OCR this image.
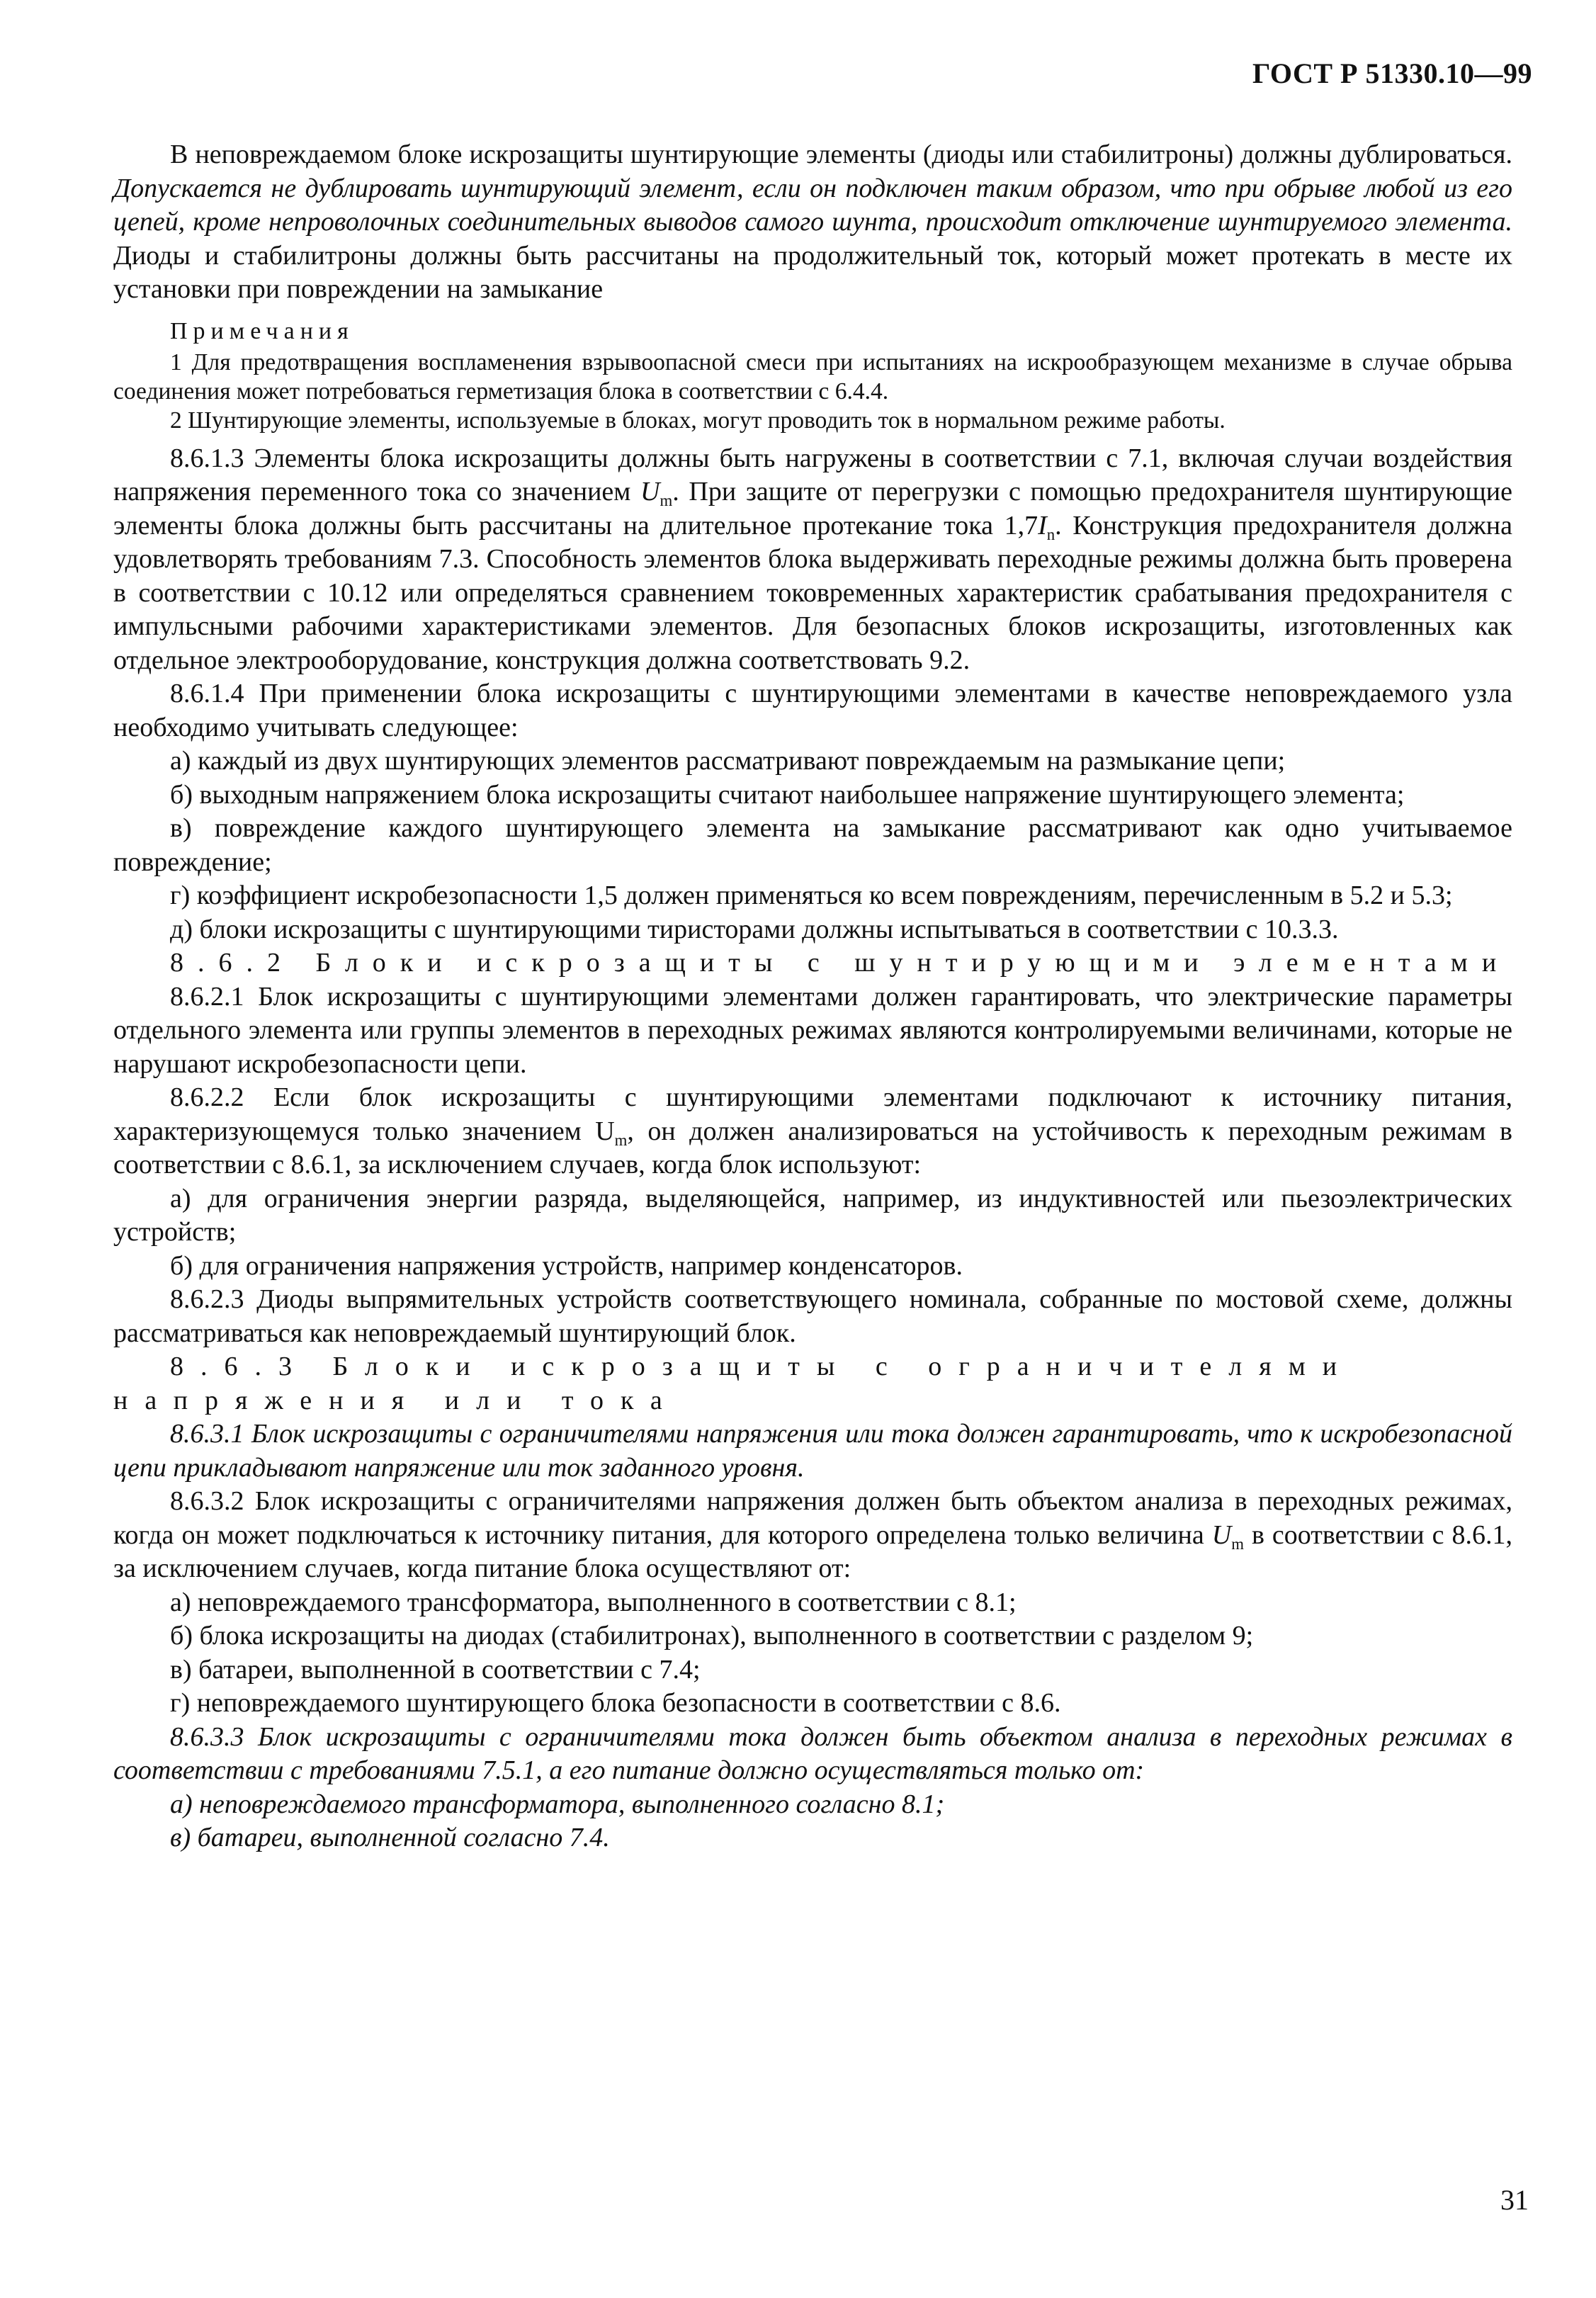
ГОСТ Р 51330.10—99

В неповреждаемом блоке искрозащиты шунтирующие элементы (диоды или стабилитроны) должны дублироваться. Допускается не дублировать шунтирующий элемент, если он подключен таким образом, что при обрыве любой из его цепей, кроме непроволочных соединительных выводов самого шунта, происходит отключение шунтируемого элемента. Диоды и стабилитроны должны быть рассчитаны на продолжительный ток, который может протекать в месте их установки при повреждении на замыкание

Примечания

1 Для предотвращения воспламенения взрывоопасной смеси при испытаниях на искрообразующем механизме в случае обрыва соединения может потребоваться герметизация блока в соответствии с 6.4.4.

2 Шунтирующие элементы, используемые в блоках, могут проводить ток в нормальном режиме работы.

8.6.1.3 Элементы блока искрозащиты должны быть нагружены в соответствии с 7.1, включая случаи воздействия напряжения переменного тока со значением $U_m$. При защите от перегрузки с помощью предохранителя шунтирующие элементы блока должны быть рассчитаны на длительное протекание тока $1,7I_n$. Конструкция предохранителя должна удовлетворять требованиям 7.3. Способность элементов блока выдерживать переходные режимы должна быть проверена в соответствии с 10.12 или определяться сравнением токовременных характеристик срабатывания предохранителя с импульсными рабочими характеристиками элементов. Для безопасных блоков искрозащиты, изготовленных как отдельное электрооборудование, конструкция должна соответствовать 9.2.

8.6.1.4 При применении блока искрозащиты с шунтирующими элементами в качестве неповреждаемого узла необходимо учитывать следующее:

а) каждый из двух шунтирующих элементов рассматривают повреждаемым на размыкание цепи;

б) выходным напряжением блока искрозащиты считают наибольшее напряжение шунтирующего элемента;

в) повреждение каждого шунтирующего элемента на замыкание рассматривают как одно учитываемое повреждение;

г) коэффициент искробезопасности 1,5 должен применяться ко всем повреждениям, перечисленным в 5.2 и 5.3;

д) блоки искрозащиты с шунтирующими тиристорами должны испытываться в соответствии с 10.3.3.

8.6.2 Блоки искрозащиты с шунтирующими элементами

8.6.2.1 Блок искрозащиты с шунтирующими элементами должен гарантировать, что электрические параметры отдельного элемента или группы элементов в переходных режимах являются контролируемыми величинами, которые не нарушают искробезопасности цепи.

8.6.2.2 Если блок искрозащиты с шунтирующими элементами подключают к источнику питания, характеризующемуся только значением $U_m$, он должен анализироваться на устойчивость к переходным режимам в соответствии с 8.6.1, за исключением случаев, когда блок используют:

а) для ограничения энергии разряда, выделяющейся, например, из индуктивностей или пьезоэлектрических устройств;

б) для ограничения напряжения устройств, например конденсаторов.

8.6.2.3 Диоды выпрямительных устройств соответствующего номинала, собранные по мостовой схеме, должны рассматриваться как неповреждаемый шунтирующий блок.

8.6.3 Блоки искрозащиты с ограничителями напряжения или тока

8.6.3.1 Блок искрозащиты с ограничителями напряжения или тока должен гарантировать, что к искробезопасной цепи прикладывают напряжение или ток заданного уровня.

8.6.3.2 Блок искрозащиты с ограничителями напряжения должен быть объектом анализа в переходных режимах, когда он может подключаться к источнику питания, для которого определена только величина $U_m$ в соответствии с 8.6.1, за исключением случаев, когда питание блока осуществляют от:

а) неповреждаемого трансформатора, выполненного в соответствии с 8.1;

б) блока искрозащиты на диодах (стабилитронах), выполненного в соответствии с разделом 9;

в) батареи, выполненной в соответствии с 7.4;

г) неповреждаемого шунтирующего блока безопасности в соответствии с 8.6.

8.6.3.3 Блок искрозащиты с ограничителями тока должен быть объектом анализа в переходных режимах в соответствии с требованиями 7.5.1, а его питание должно осуществляться только от:

а) неповреждаемого трансформатора, выполненного согласно 8.1;

в) батареи, выполненной согласно 7.4.

31
